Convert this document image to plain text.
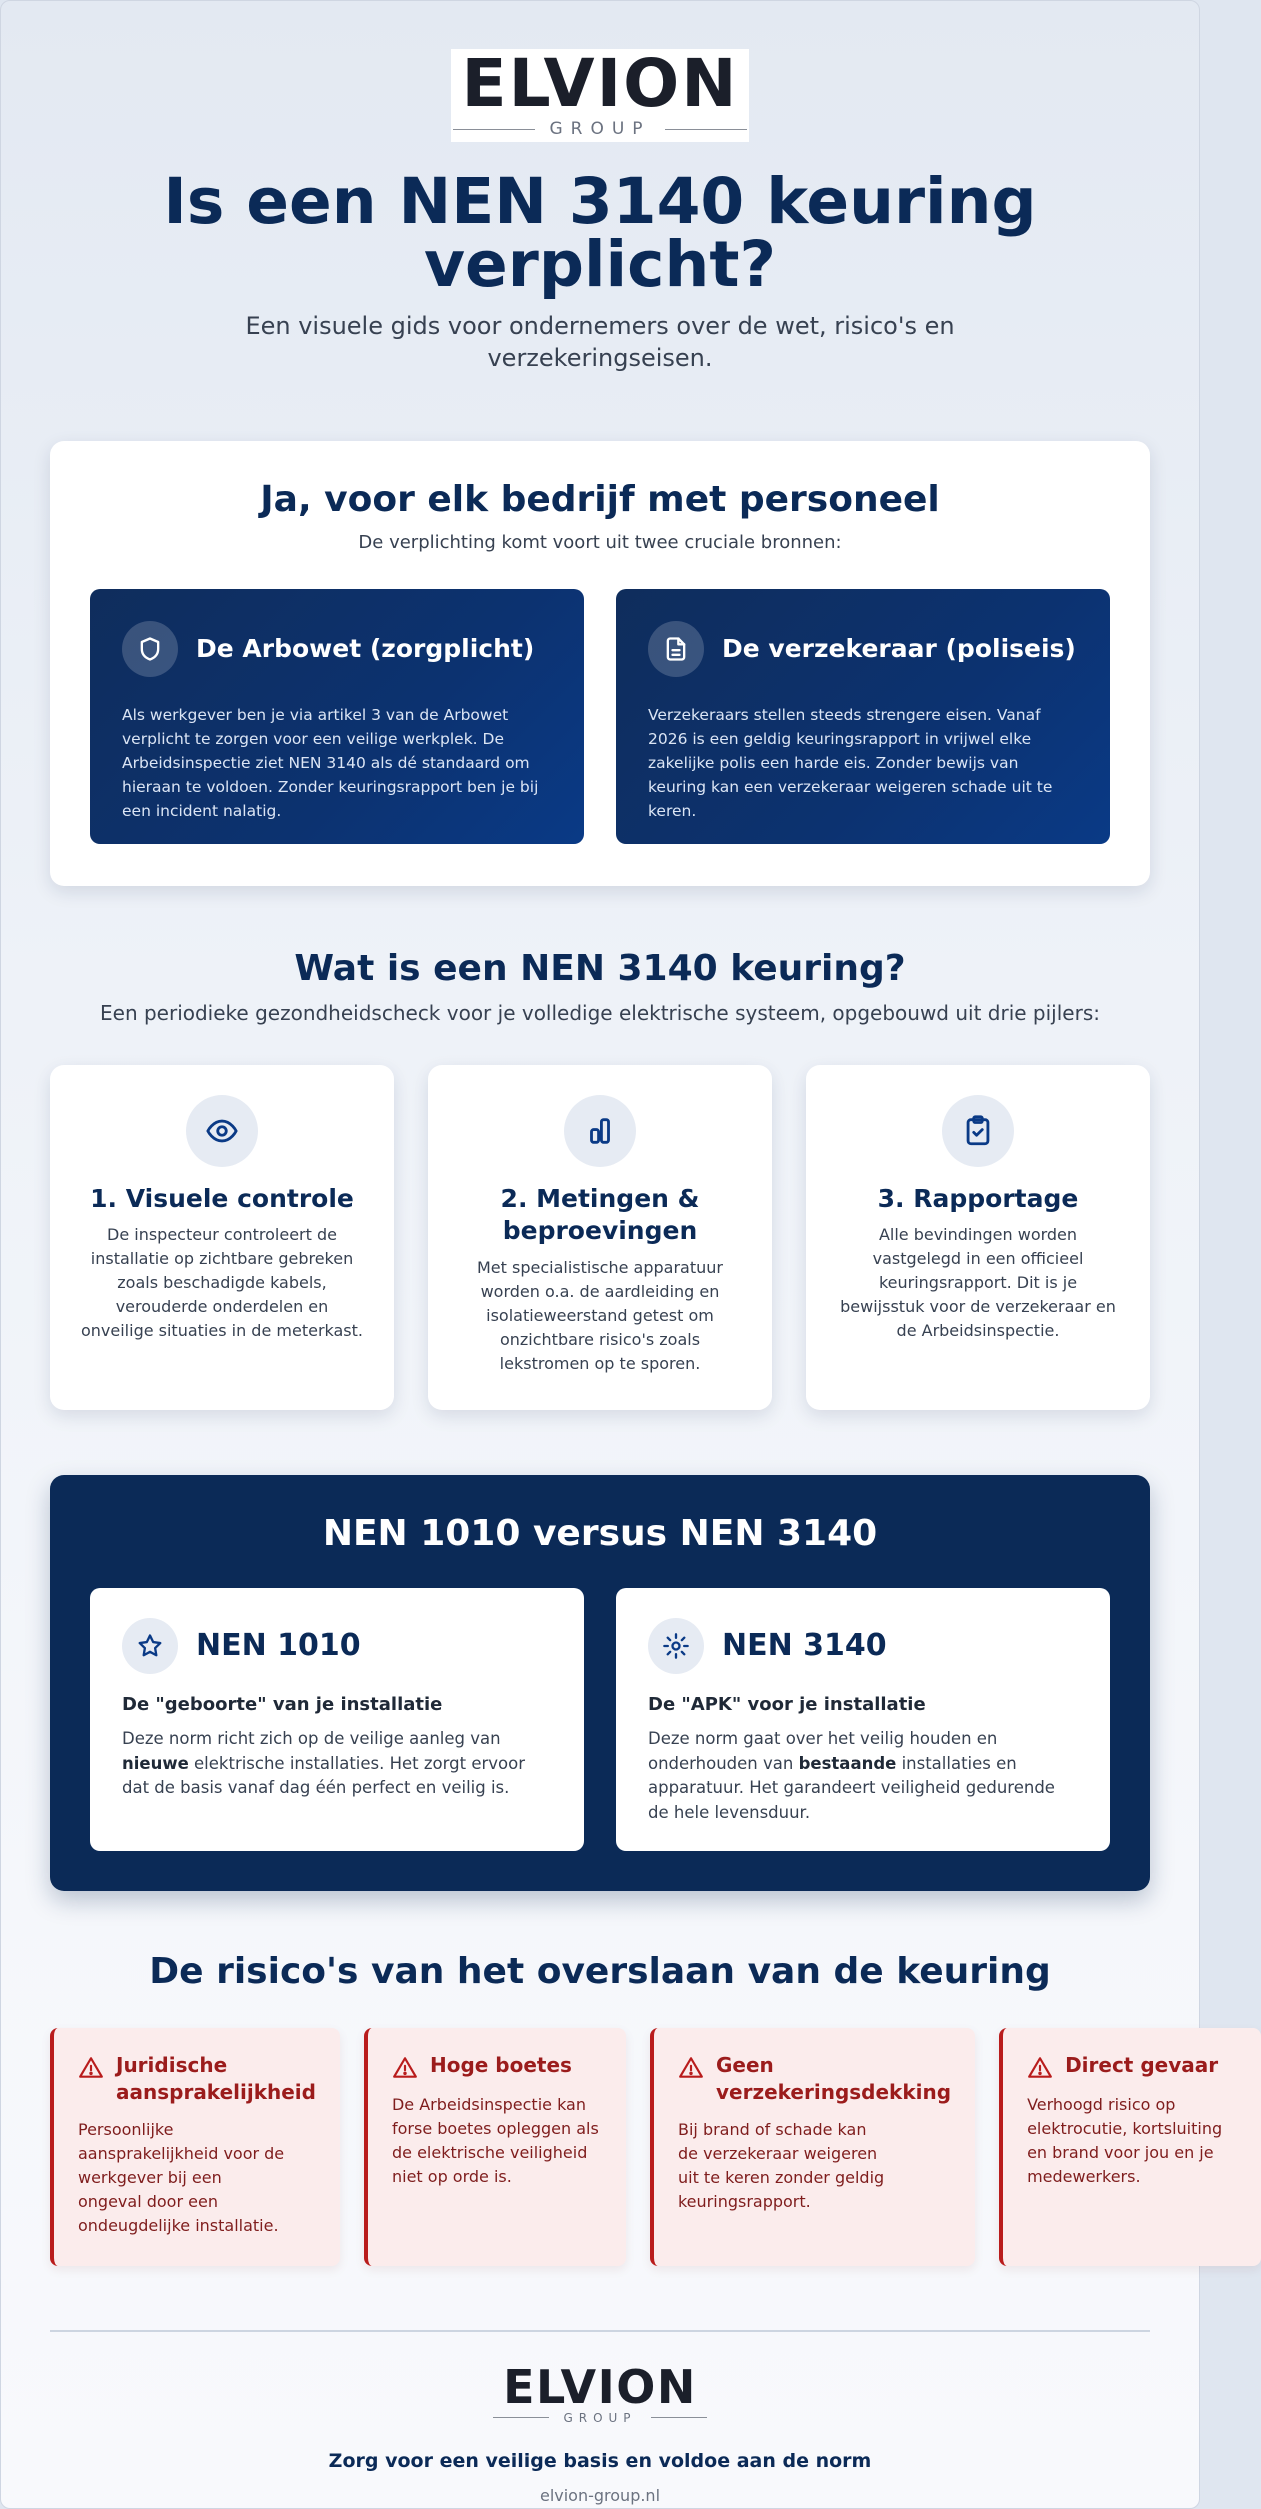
ELVION
GROUP
Is een NEN 3140 keuring verplicht?

Een visuele gids voor ondernemers over de wet, risico's en verzekeringseisen.

Ja, voor elk bedrijf met personeel

De verplichting komt voort uit twee cruciale bronnen:

De Arbowet (zorgplicht)

Als werkgever ben je via artikel 3 van de Arbowet verplicht te zorgen voor een veilige werkplek. De Arbeidsinspectie ziet NEN 3140 als dé standaard om hieraan te voldoen. Zonder keuringsrapport ben je bij een incident nalatig.

De verzekeraar (poliseis)

Verzekeraars stellen steeds strengere eisen. Vanaf 2026 is een geldig keuringsrapport in vrijwel elke zakelijke polis een harde eis. Zonder bewijs van keuring kan een verzekeraar weigeren schade uit te keren.

Wat is een NEN 3140 keuring?

Een periodieke gezondheidscheck voor je volledige elektrische systeem, opgebouwd uit drie pijlers:

1. Visuele controle

De inspecteur controleert de installatie op zichtbare gebreken zoals beschadigde kabels, verouderde onderdelen en onveilige situaties in de meterkast.

2. Metingen & beproevingen

Met specialistische apparatuur worden o.a. de aardleiding en isolatieweerstand getest om onzichtbare risico's zoals lekstromen op te sporen.

3. Rapportage

Alle bevindingen worden vastgelegd in een officieel keuringsrapport. Dit is je bewijsstuk voor de verzekeraar en de Arbeidsinspectie.

NEN 1010 versus NEN 3140
NEN 1010
De "geboorte" van je installatie

Deze norm richt zich op de veilige aanleg van nieuwe elektrische installaties. Het zorgt ervoor dat de basis vanaf dag één perfect en veilig is.

NEN 3140
De "APK" voor je installatie

Deze norm gaat over het veilig houden en onderhouden van bestaande installaties en apparatuur. Het garandeert veiligheid gedurende de hele levensduur.

De risico's van het overslaan van de keuring
Juridische
aansprakelijkheid

Persoonlijke aansprakelijkheid voor de werkgever bij een ongeval door een ondeugdelijke installatie.

Hoge boetes

De Arbeidsinspectie kan forse boetes opleggen als de elektrische veiligheid niet op orde is.

Geen
verzekeringsdekking

Bij brand of schade kan de verzekeraar weigeren uit te keren zonder geldig keuringsrapport.

Direct gevaar

Verhoogd risico op elektrocutie, kortsluiting en brand voor jou en je medewerkers.

ELVION
GROUP

Zorg voor een veilige basis en voldoe aan de norm

elvion-group.nl
